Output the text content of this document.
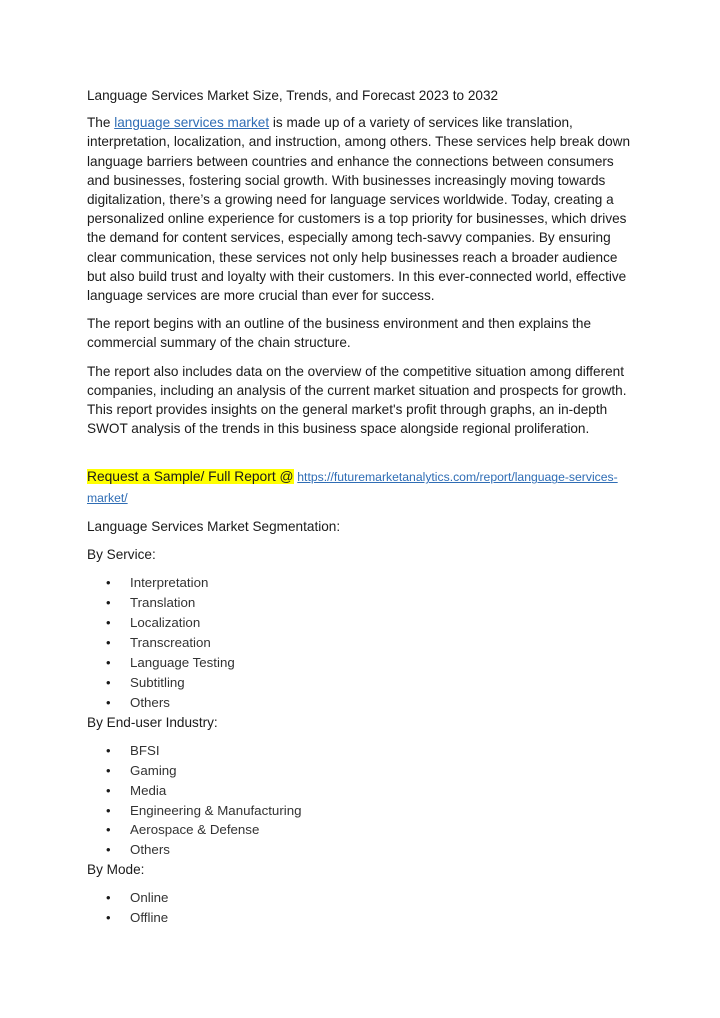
Language Services Market Size, Trends, and Forecast 2023 to 2032

The language services market is made up of a variety of services like translation, interpretation, localization, and instruction, among others. These services help break down language barriers between countries and enhance the connections between consumers and businesses, fostering social growth. With businesses increasingly moving towards digitalization, there’s a growing need for language services worldwide. Today, creating a personalized online experience for customers is a top priority for businesses, which drives the demand for content services, especially among tech-savvy companies. By ensuring clear communication, these services not only help businesses reach a broader audience but also build trust and loyalty with their customers. In this ever-connected world, effective language services are more crucial than ever for success.

The report begins with an outline of the business environment and then explains the commercial summary of the chain structure.

The report also includes data on the overview of the competitive situation among different companies, including an analysis of the current market situation and prospects for growth. This report provides insights on the general market's profit through graphs, an in-depth SWOT analysis of the trends in this business space alongside regional proliferation.

Request a Sample/ Full Report @ https://futuremarketanalytics.com/report/language-services-market/

Language Services Market Segmentation:

By Service:

• Interpretation
• Translation
• Localization
• Transcreation
• Language Testing
• Subtitling
• Others

By End-user Industry:

• BFSI
• Gaming
• Media
• Engineering & Manufacturing
• Aerospace & Defense
• Others

By Mode:

• Online
• Offline
